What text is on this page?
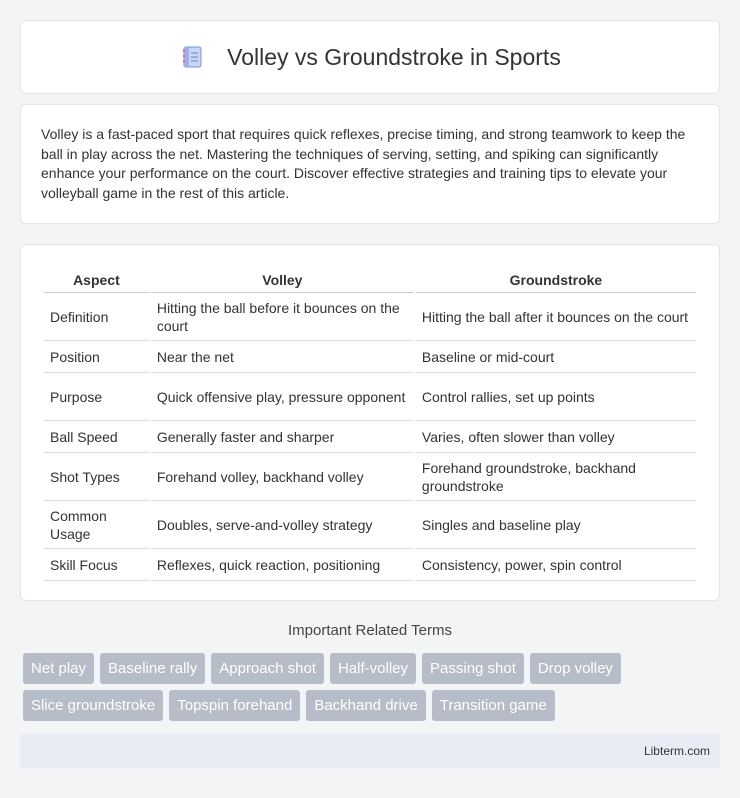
Volley vs Groundstroke in Sports

Volley is a fast-paced sport that requires quick reflexes, precise timing, and strong teamwork to keep the ball in play across the net. Mastering the techniques of serving, setting, and spiking can significantly enhance your performance on the court. Discover effective strategies and training tips to elevate your volleyball game in the rest of this article.

Aspect	Volley	Groundstroke
Definition	Hitting the ball before it bounces on the court	Hitting the ball after it bounces on the court
Position	Near the net	Baseline or mid-court
Purpose	Quick offensive play, pressure opponent	Control rallies, set up points
Ball Speed	Generally faster and sharper	Varies, often slower than volley
Shot Types	Forehand volley, backhand volley	Forehand groundstroke, backhand groundstroke
Common Usage	Doubles, serve-and-volley strategy	Singles and baseline play
Skill Focus	Reflexes, quick reaction, positioning	Consistency, power, spin control
Important Related Terms
Net play	Baseline rally	Approach shot	Half-volley	Passing shot	Drop volley
Slice groundstroke	Topspin forehand	Backhand drive	Transition game
Libterm.com
